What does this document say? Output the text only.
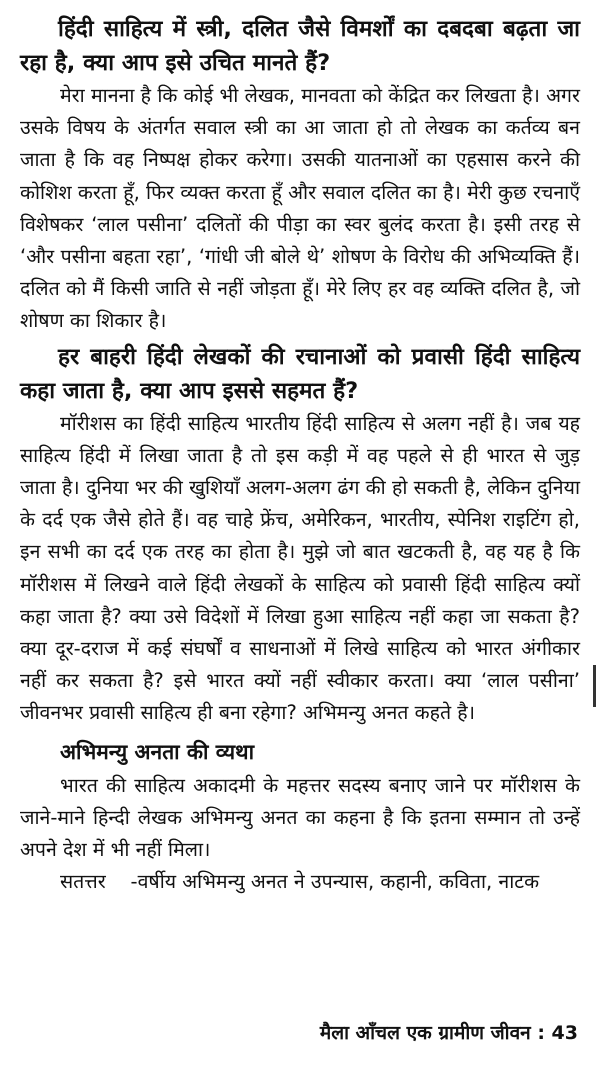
हिंदी साहित्य में स्त्री, दलित जैसे विमर्शों का दबदबा बढ़ता जा रहा है, क्या आप इसे उचित मानते हैं?

मेरा मानना है कि कोई भी लेखक, मानवता को केंद्रित कर लिखता है। अगर उसके विषय के अंतर्गत सवाल स्त्री का आ जाता हो तो लेखक का कर्तव्य बन जाता है कि वह निष्पक्ष होकर करेगा। उसकी यातनाओं का एहसास करने की कोशिश करता हूँ, फिर व्यक्त करता हूँ और सवाल दलित का है। मेरी कुछ रचनाएँ विशेषकर ‘लाल पसीना’ दलितों की पीड़ा का स्वर बुलंद करता है। इसी तरह से ‘और पसीना बहता रहा’, ‘गांधी जी बोले थे’ शोषण के विरोध की अभिव्यक्ति हैं। दलित को मैं किसी जाति से नहीं जोड़ता हूँ। मेरे लिए हर वह व्यक्ति दलित है, जो शोषण का शिकार है।

हर बाहरी हिंदी लेखकों की रचानाओं को प्रवासी हिंदी साहित्य कहा जाता है, क्या आप इससे सहमत हैं?

मॉरीशस का हिंदी साहित्य भारतीय हिंदी साहित्य से अलग नहीं है। जब यह साहित्य हिंदी में लिखा जाता है तो इस कड़ी में वह पहले से ही भारत से जुड़ जाता है। दुनिया भर की खुशियाँ अलग-अलग ढंग की हो सकती है, लेकिन दुनिया के दर्द एक जैसे होते हैं। वह चाहे फ्रेंच, अमेरिकन, भारतीय, स्पेनिश राइटिंग हो, इन सभी का दर्द एक तरह का होता है। मुझे जो बात खटकती है, वह यह है कि मॉरीशस में लिखने वाले हिंदी लेखकों के साहित्य को प्रवासी हिंदी साहित्य क्यों कहा जाता है? क्या उसे विदेशों में लिखा हुआ साहित्य नहीं कहा जा सकता है? क्या दूर-दराज में कई संघर्षों व साधनाओं में लिखे साहित्य को भारत अंगीकार नहीं कर सकता है? इसे भारत क्यों नहीं स्वीकार करता। क्या ‘लाल पसीना’ जीवनभर प्रवासी साहित्य ही बना रहेगा? अभिमन्यु अनत कहते है।

अभिमन्यु अनता की व्यथा

भारत की साहित्य अकादमी के महत्तर सदस्य बनाए जाने पर मॉरीशस के जाने-माने हिन्दी लेखक अभिमन्यु अनत का कहना है कि इतना सम्मान तो उन्हें अपने देश में भी नहीं मिला।

सतत्तर    -वर्षीय अभिमन्यु अनत ने उपन्यास, कहानी, कविता, नाटक

मैला आँचल एक ग्रामीण जीवन : 43
